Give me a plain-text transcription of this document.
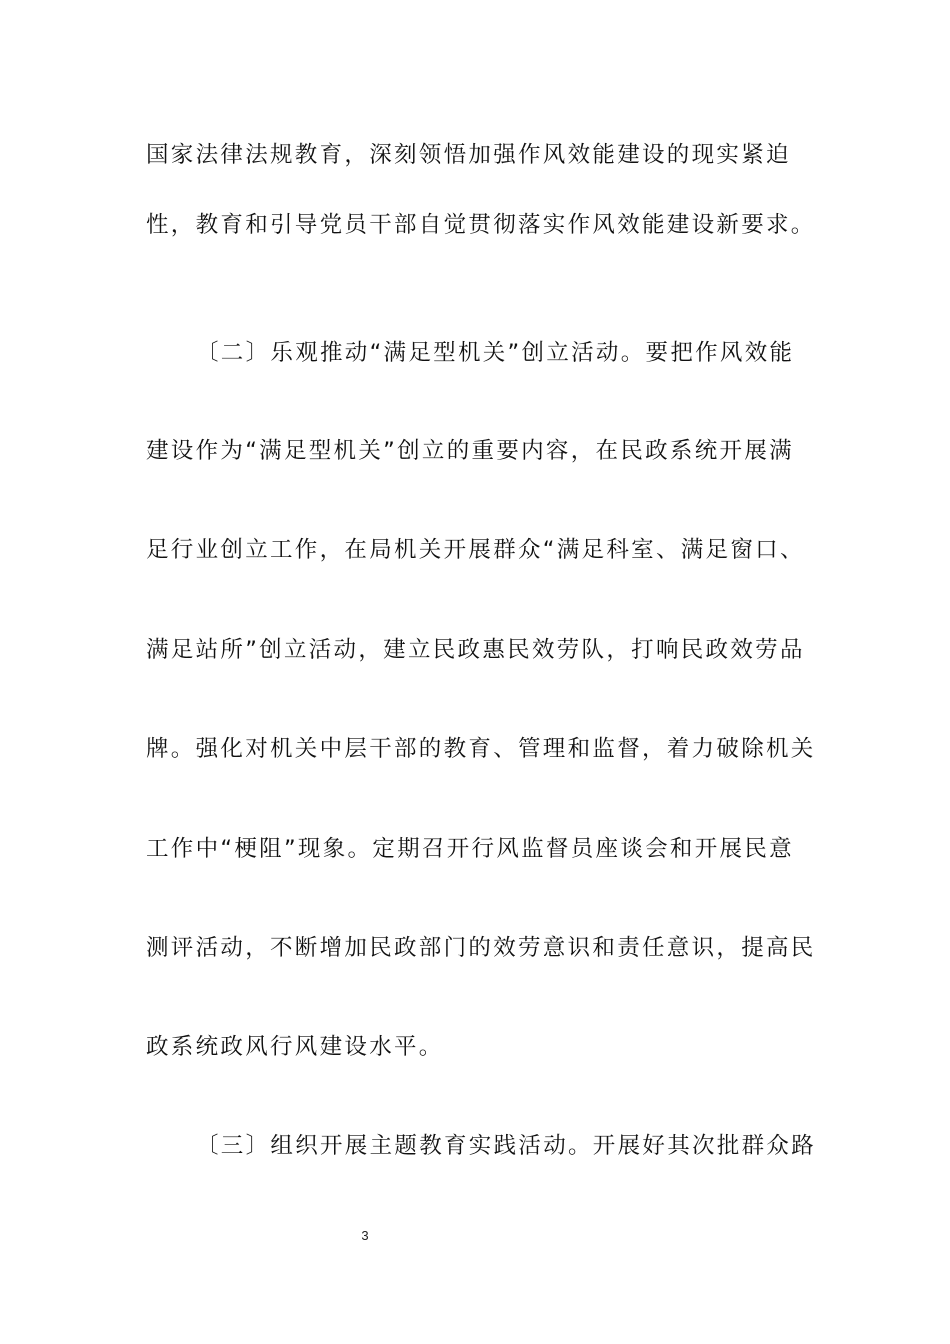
国家法律法规教育，深刻领悟加强作风效能建设的现实紧迫
性，教育和引导党员干部自觉贯彻落实作风效能建设新要求。
〔二〕乐观推动“满足型机关”创立活动。要把作风效能
建设作为“满足型机关”创立的重要内容，在民政系统开展满
足行业创立工作，在局机关开展群众“满足科室、满足窗口、
满足站所”创立活动，建立民政惠民效劳队，打响民政效劳品
牌。强化对机关中层干部的教育、管理和监督，着力破除机关
工作中“梗阻”现象。定期召开行风监督员座谈会和开展民意
测评活动，不断增加民政部门的效劳意识和责任意识，提高民
政系统政风行风建设水平。
〔三〕组织开展主题教育实践活动。开展好其次批群众路
3
